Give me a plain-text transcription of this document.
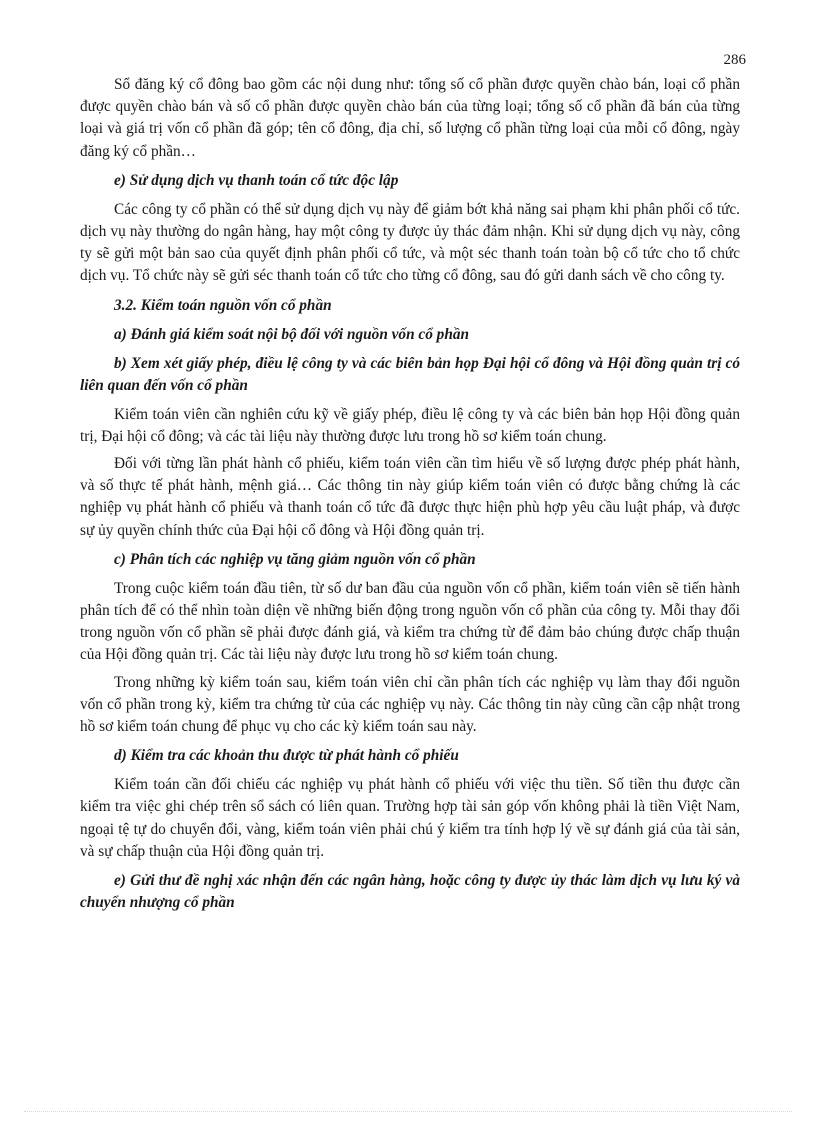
286

Sổ đăng ký cổ đông bao gồm các nội dung như: tổng số cổ phần được quyền chào bán, loại cổ phần được quyền chào bán và số cổ phần được quyền chào bán của từng loại; tổng số cổ phần đã bán của từng loại và giá trị vốn cổ phần đã góp; tên cổ đông, địa chỉ, số lượng cổ phần từng loại của mỗi cổ đông, ngày đăng ký cổ phần…

e) Sử dụng dịch vụ thanh toán cổ tức độc lập

Các công ty cổ phần có thể sử dụng dịch vụ này để giảm bớt khả năng sai phạm khi phân phối cổ tức. dịch vụ này thường do ngân hàng, hay một công ty được ủy thác đảm nhận. Khi sử dụng dịch vụ này, công ty sẽ gửi một bản sao của quyết định phân phối cổ tức, và một séc thanh toán toàn bộ cổ tức cho tổ chức dịch vụ. Tổ chức này sẽ gửi séc thanh toán cổ tức cho từng cổ đông, sau đó gửi danh sách về cho công ty.

3.2. Kiểm toán nguồn vốn cổ phần
a) Đánh giá kiểm soát nội bộ đối với nguồn vốn cổ phần
b) Xem xét giấy phép, điều lệ công ty và các biên bản họp Đại hội cổ đông và Hội đồng quản trị có liên quan đến vốn cổ phần

Kiểm toán viên cần nghiên cứu kỹ về giấy phép, điều lệ công ty và các biên bản họp Hội đồng quản trị, Đại hội cổ đông; và các tài liệu này thường được lưu trong hồ sơ kiểm toán chung.

Đối với từng lần phát hành cổ phiếu, kiểm toán viên cần tìm hiểu về số lượng được phép phát hành, và số thực tế phát hành, mệnh giá… Các thông tin này giúp kiểm toán viên có được bằng chứng là các nghiệp vụ phát hành cổ phiếu và thanh toán cổ tức đã được thực hiện phù hợp yêu cầu luật pháp, và được sự ủy quyền chính thức của Đại hội cổ đông và Hội đồng quản trị.

c) Phân tích các nghiệp vụ tăng giảm nguồn vốn cổ phần

Trong cuộc kiểm toán đầu tiên, từ số dư ban đầu của nguồn vốn cổ phần, kiểm toán viên sẽ tiến hành phân tích để có thể nhìn toàn diện về những biến động trong nguồn vốn cổ phần của công ty. Mỗi thay đổi trong nguồn vốn cổ phần sẽ phải được đánh giá, và kiểm tra chứng từ để đảm bảo chúng được chấp thuận của Hội đồng quản trị. Các tài liệu này được lưu trong hồ sơ kiểm toán chung.

Trong những kỳ kiểm toán sau, kiểm toán viên chỉ cần phân tích các nghiệp vụ làm thay đổi nguồn vốn cổ phần trong kỳ, kiểm tra chứng từ của các nghiệp vụ này. Các thông tin này cũng cần cập nhật trong hồ sơ kiểm toán chung để phục vụ cho các kỳ kiểm toán sau này.

d) Kiểm tra các khoản thu được từ phát hành cổ phiếu

Kiểm toán cần đối chiếu các nghiệp vụ phát hành cổ phiếu với việc thu tiền. Số tiền thu được cần kiểm tra việc ghi chép trên sổ sách có liên quan. Trường hợp tài sản góp vốn không phải là tiền Việt Nam, ngoại tệ tự do chuyển đổi, vàng, kiểm toán viên phải chú ý kiểm tra tính hợp lý về sự đánh giá của tài sản, và sự chấp thuận của Hội đồng quản trị.

e) Gửi thư đề nghị xác nhận đến các ngân hàng, hoặc công ty được ủy thác làm dịch vụ lưu ký và chuyển nhượng cổ phần
